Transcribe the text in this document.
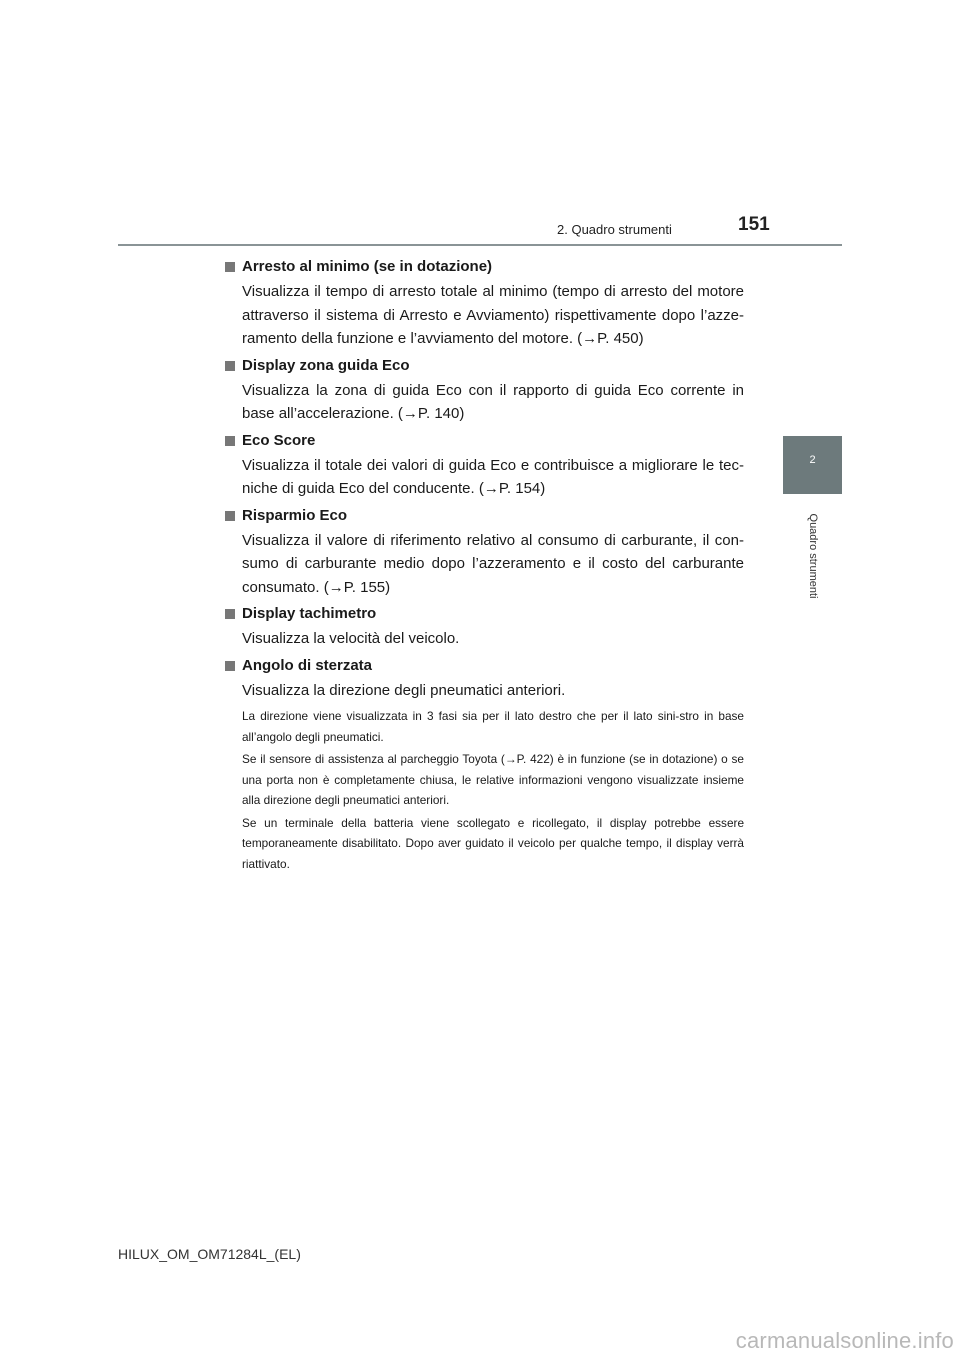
2. Quadro strumenti	151
2
Quadro strumenti
Arresto al minimo (se in dotazione)
Visualizza il tempo di arresto totale al minimo (tempo di arresto del motore attraverso il sistema di Arresto e Avviamento) rispettivamente dopo l’azze-ramento della funzione e l’avviamento del motore. (→P. 450)
Display zona guida Eco
Visualizza la zona di guida Eco con il rapporto di guida Eco corrente in base all’accelerazione. (→P. 140)
Eco Score
Visualizza il totale dei valori di guida Eco e contribuisce a migliorare le tec-niche di guida Eco del conducente. (→P. 154)
Risparmio Eco
Visualizza il valore di riferimento relativo al consumo di carburante, il con-sumo di carburante medio dopo l’azzeramento e il costo del carburante consumato. (→P. 155)
Display tachimetro
Visualizza la velocità del veicolo.
Angolo di sterzata
Visualizza la direzione degli pneumatici anteriori.
La direzione viene visualizzata in 3 fasi sia per il lato destro che per il lato sini-stro in base all’angolo degli pneumatici.
Se il sensore di assistenza al parcheggio Toyota (→P. 422) è in funzione (se in dotazione) o se una porta non è completamente chiusa, le relative informazioni vengono visualizzate insieme alla direzione degli pneumatici anteriori.
Se un terminale della batteria viene scollegato e ricollegato, il display potrebbe essere temporaneamente disabilitato. Dopo aver guidato il veicolo per qualche tempo, il display verrà riattivato.
HILUX_OM_OM71284L_(EL)
carmanualsonline.info
